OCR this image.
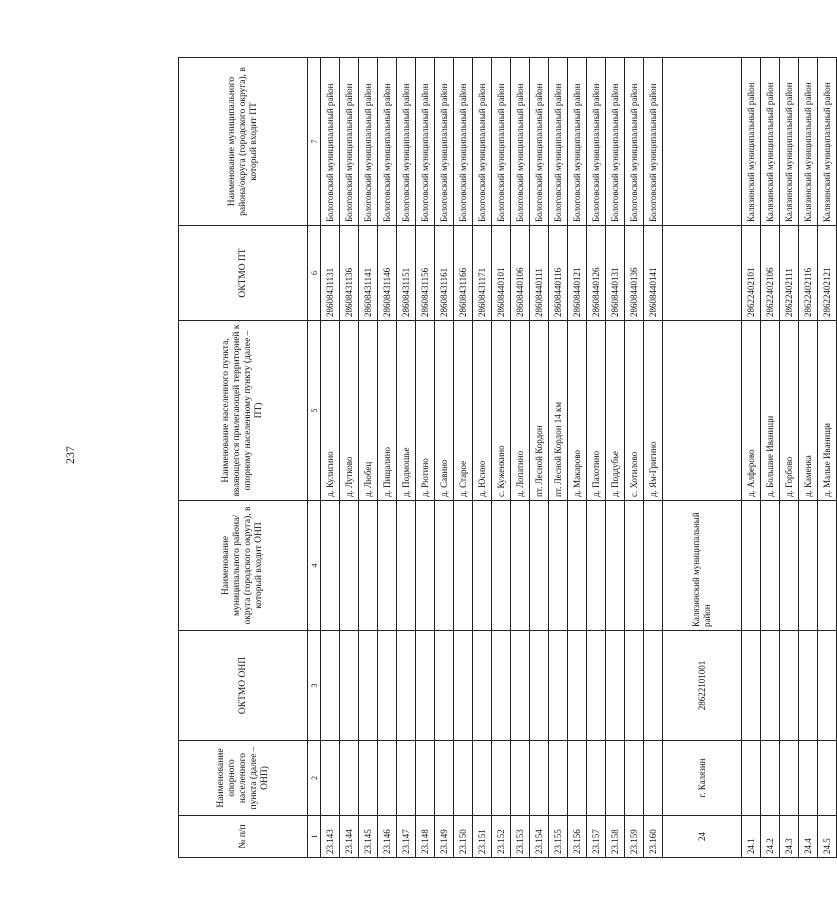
237
№ п/п	Наименование опорного населенного пункта (далее – ОНП)	ОКТМО ОНП	Наименование муниципального района/округа (городского округа), в который входит ОНП	Наименование населенного пункта, являющегося прилегающей территорией к опорному населенному пункту (далее – ПТ)	ОКТМО ПТ	Наименование муниципального района/округа (городского округа), в который входит ПТ
1	2	3	4	5	6	7
23.143				д. Кулигино	28608431131	Бологовский муниципальный район
23.144				д. Лутково	28608431136	Бологовский муниципальный район
23.145				д. Любец	28608431141	Бологовский муниципальный район
23.146				д. Пищалино	28608431146	Бологовский муниципальный район
23.147				д. Подмошье	28608431151	Бологовский муниципальный район
23.148				д. Рютино	28608431156	Бологовский муниципальный район
23.149				д. Савино	28608431161	Бологовский муниципальный район
23.150				д. Старое	28608431166	Бологовский муниципальный район
23.151				д. Юсино	28608431171	Бологовский муниципальный район
23.152				с. Куженкино	28608440101	Бологовский муниципальный район
23.153				д. Лопатино	28608440106	Бологовский муниципальный район
23.154				пт. Лесной Кордон	28608440111	Бологовский муниципальный район
23.155				пт. Лесной Кордон 14 км	28608440116	Бологовский муниципальный район
23.156				д. Макарово	28608440121	Бологовский муниципальный район
23.157				д. Пахотино	28608440126	Бологовский муниципальный район
23.158				д. Поддубье	28608440131	Бологовский муниципальный район
23.159				с. Хотилово	28608440136	Бологовский муниципальный район
23.160				д. Ям-Григино	28608440141	Бологовский муниципальный район
24	г. Калязин	28622101001	Калязинский муниципальный район			
24.1				д. Алферово	28622402101	Калязинский муниципальный район
24.2				д. Большие Иванищи	28622402106	Калязинский муниципальный район
24.3				д. Горбово	28622402111	Калязинский муниципальный район
24.4				д. Каменка	28622402116	Калязинский муниципальный район
24.5				д. Малые Иванищи	28622402121	Калязинский муниципальный район
